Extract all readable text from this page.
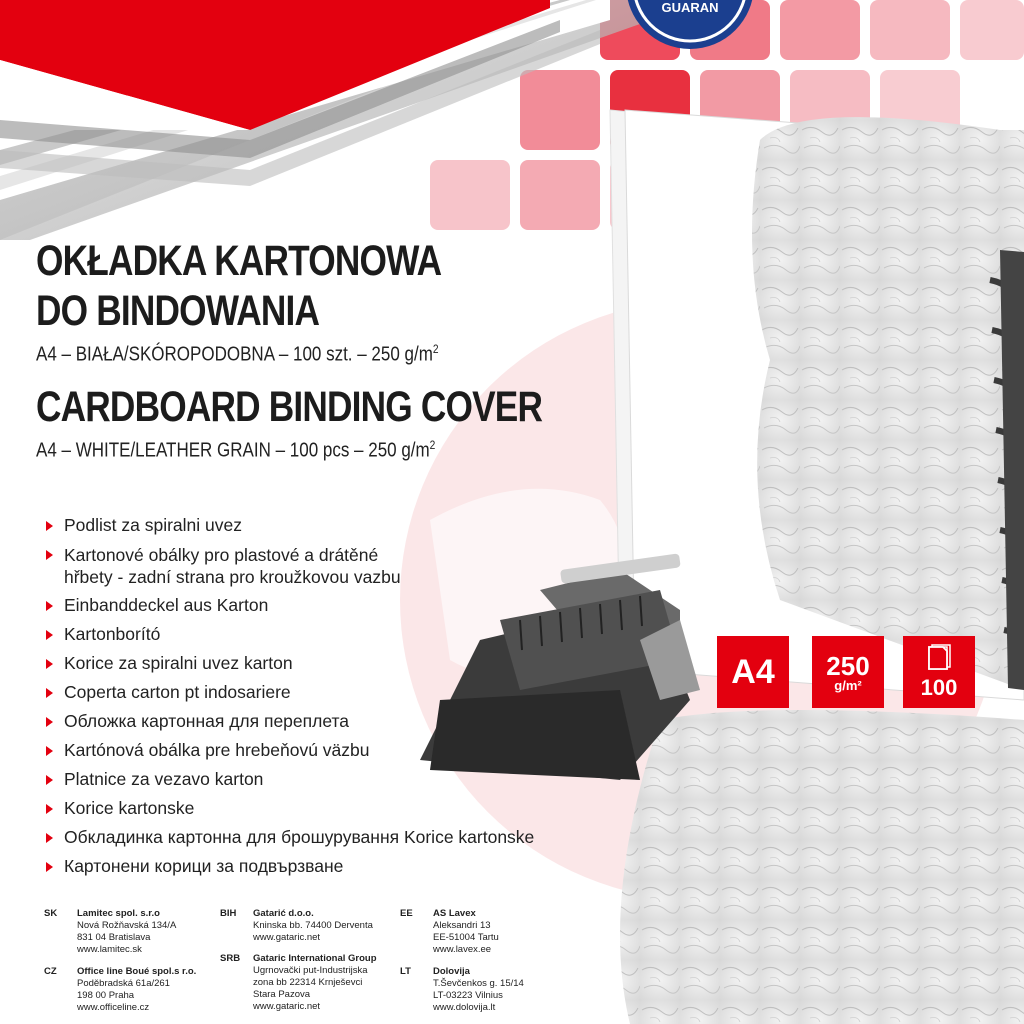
GUARAN
OKŁADKA KARTONOWA
DO BINDOWANIA
A4 – BIAŁA/SKÓROPODOBNA – 100 szt. – 250 $g/m^2$
CARDBOARD BINDING COVER
A4 – WHITE/LEATHER GRAIN – 100 pcs – 250 $g/m^2$
Podlist za spiralni uvez
Kartonové obálky pro plastové a drátěné
hřbety - zadní strana pro kroužkovou vazbu
Einbanddeckel aus Karton
Kartonborító
Korice za spiralni uvez karton
Coperta carton pt indosariere
Обложка картонная для переплета
Kartónová obálka pre hrebeňovú väzbu
Platnice za vezavo karton
Korice kartonske
Обкладинка картонна для брошурування Korice kartonske
Картонени корици за подвързване
A4	250
g/m²	100
SK	Lamitec spol. s.r.o
Nová Rožňavská 134/A
831 04 Bratislava
www.lamitec.sk
CZ	Office line Boué spol.s r.o.
Poděbradská 61a/261
198 00 Praha
www.officeline.cz
BIH	Gatarić d.o.o.
Kninska bb. 74400 Derventa
www.gataric.net
SRB	Gataric International Group
Ugrnovački put-Industrijska
zona bb 22314 Krnješevci
Stara Pazova
www.gataric.net
EE	AS Lavex
Aleksandri 13
EE-51004 Tartu
www.lavex.ee
LT	Dolovija
T.Ševčenkos g. 15/14
LT-03223 Vilnius
www.dolovija.lt
